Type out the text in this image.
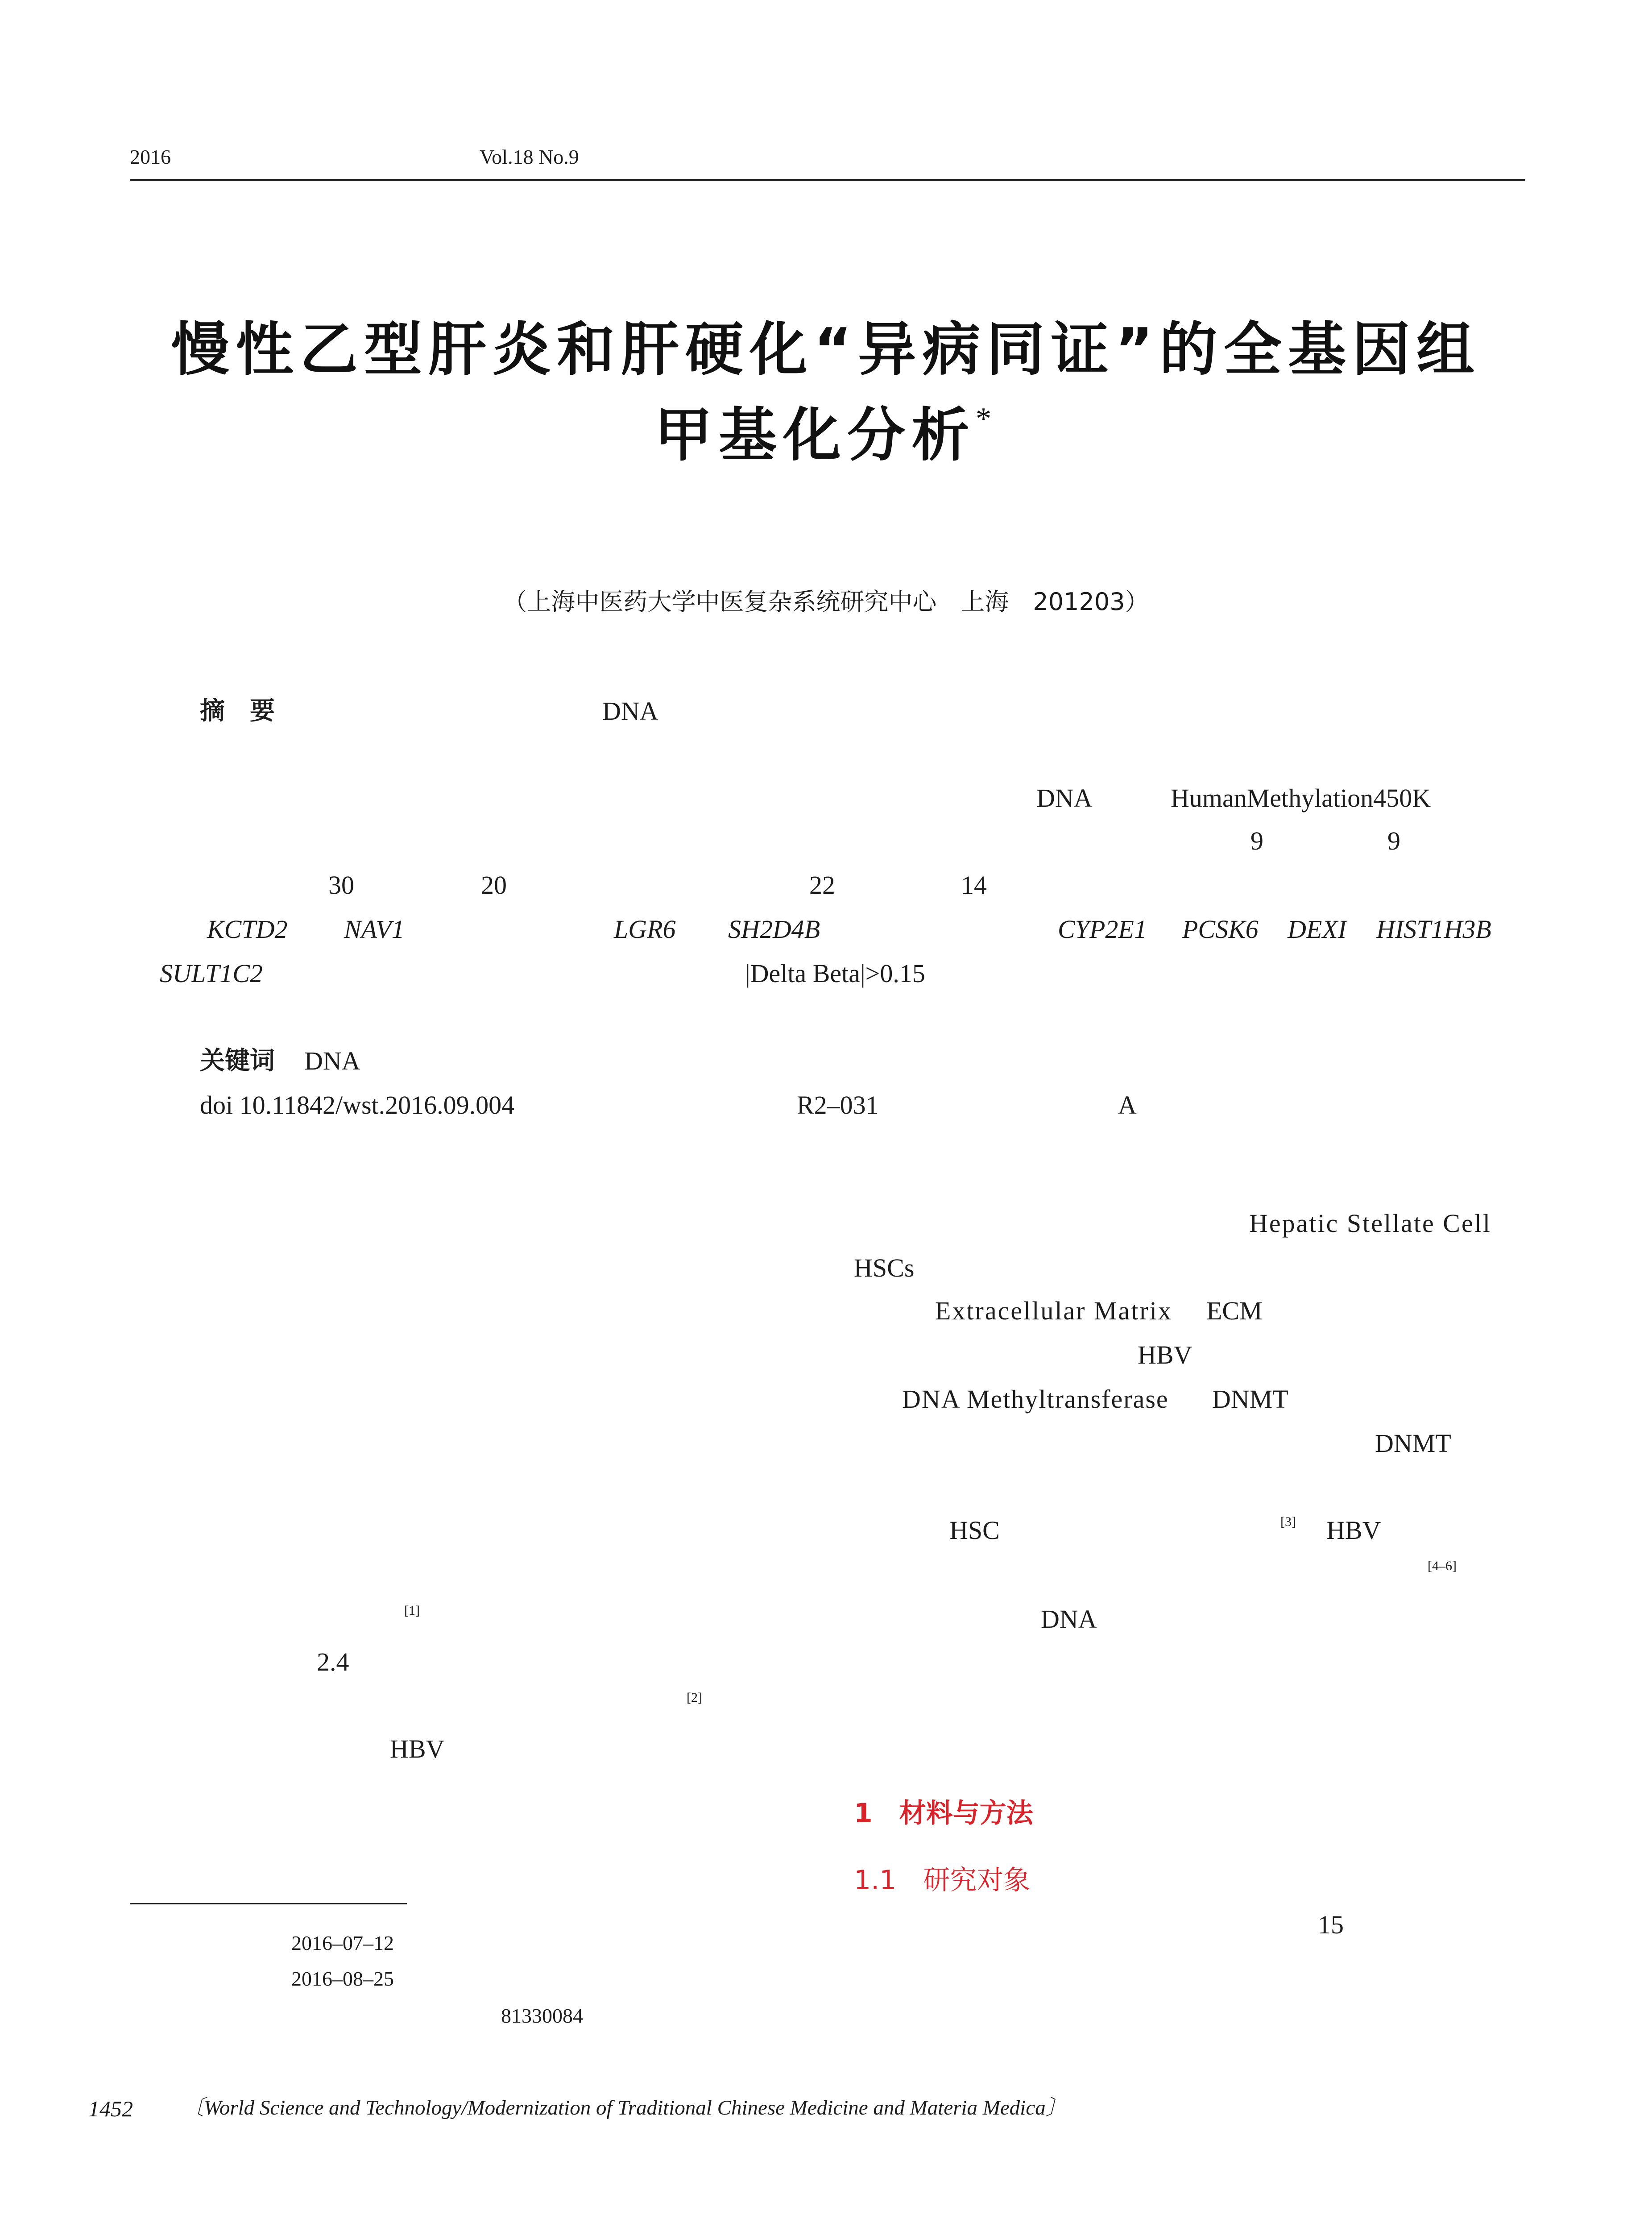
2016	Vol.18 No.9
慢性乙型肝炎和肝硬化“异病同证”的全基因组
甲基化分析*
（上海中医药大学中医复杂系统研究中心　上海　201203）
摘　要	DNA
DNA	HumanMethylation450K
9	9
30	20	22	14
KCTD2 NAV1	LGR6 SH2D4B	CYP2E1 PCSK6 DEXI HIST1H3B
SULT1C2	|Delta Beta|>0.15
关键词 DNA
doi 10.11842/wst.2016.09.004	R2–031	A
Hepatic Stellate Cell
HSCs
Extracellular Matrix ECM
HBV
DNA Methyltransferase DNMT
DNMT
HSC	[3] HBV
[4–6]
DNA
[1]
2.4
[2]
HBV
1　材料与方法
1.1　研究对象
15
2016–07–12
2016–08–25
81330084
1452 〔World Science and Technology/Modernization of Traditional Chinese Medicine and Materia Medica〕
